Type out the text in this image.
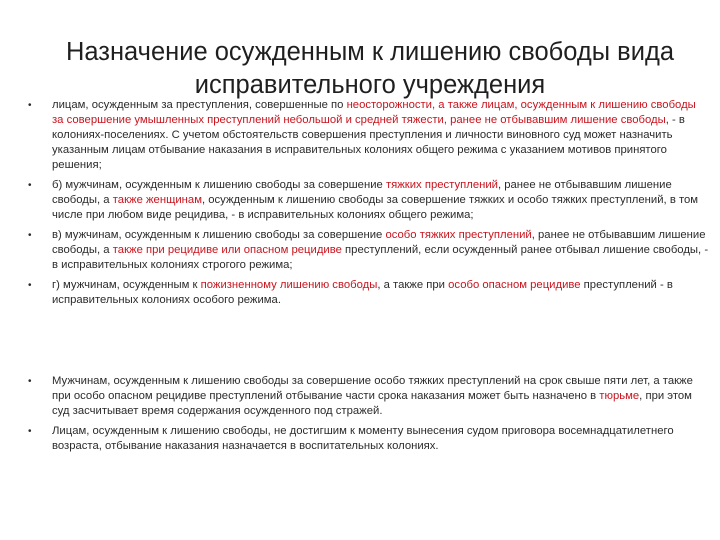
Назначение осужденным к лишению свободы вида
исправительного учреждения
•	лицам, осужденным за преступления, совершенные по неосторожности, а также лицам, осужденным к лишению свободы за совершение умышленных преступлений небольшой и средней тяжести, ранее не отбывавшим лишение свободы, - в колониях-поселениях. С учетом обстоятельств совершения преступления и личности виновного суд может назначить указанным лицам отбывание наказания в исправительных колониях общего режима с указанием мотивов принятого решения;
•	б) мужчинам, осужденным к лишению свободы за совершение тяжких преступлений, ранее не отбывавшим лишение свободы, а также женщинам, осужденным к лишению свободы за совершение тяжких и особо тяжких преступлений, в том числе при любом виде рецидива, - в исправительных колониях общего режима;
•	в) мужчинам, осужденным к лишению свободы за совершение особо тяжких преступлений, ранее не отбывавшим лишение свободы, а также при рецидиве или опасном рецидиве преступлений, если осужденный ранее отбывал лишение свободы, - в исправительных колониях строгого режима;
•	г) мужчинам, осужденным к пожизненному лишению свободы, а также при особо опасном рецидиве преступлений - в исправительных колониях особого режима.
•	Мужчинам, осужденным к лишению свободы за совершение особо тяжких преступлений на срок свыше пяти лет, а также при особо опасном рецидиве преступлений отбывание части срока наказания может быть назначено в тюрьме, при этом суд засчитывает время содержания осужденного под стражей.
•	Лицам, осужденным к лишению свободы, не достигшим к моменту вынесения судом приговора восемнадцатилетнего возраста, отбывание наказания назначается в воспитательных колониях.
